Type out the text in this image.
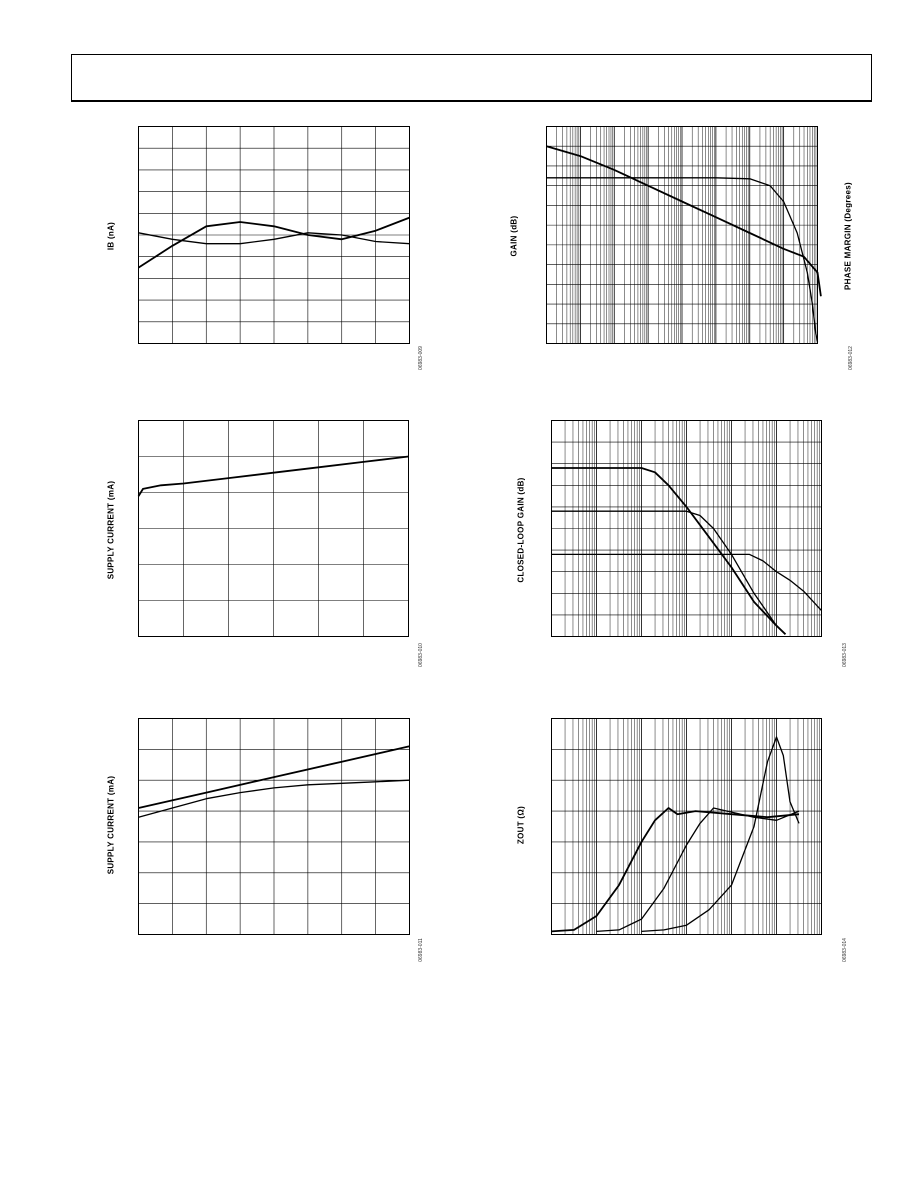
IB (nA)
06983-009
SUPPLY CURRENT (mA)
06983-010
SUPPLY CURRENT (mA)
06983-011
GAIN (dB)	PHASE MARGIN (Degrees)
06983-012
CLOSED-LOOP GAIN (dB)
06983-013
ZOUT (Ω)
06983-014
